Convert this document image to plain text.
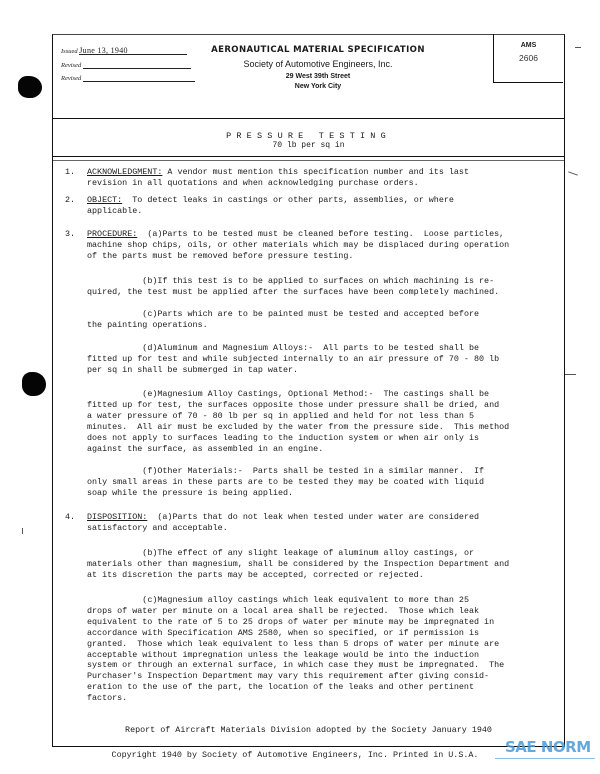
Issued June 13, 1940
Revised
Revised
AERONAUTICAL MATERIAL SPECIFICATION
Society of Automotive Engineers, Inc.
29 West 39th Street
New York City
AMS
2606
PRESSURE TESTING
70 lb per sq in
1. ACKNOWLEDGMENT: A vendor must mention this specification number and its last
revision in all quotations and when acknowledging purchase orders.
2. OBJECT: To detect leaks in castings or other parts, assemblies, or where
applicable.
3. PROCEDURE: (a)Parts to be tested must be cleaned before testing.  Loose particles,
machine shop chips, oils, or other materials which may be displaced during operation
of the parts must be removed before pressure testing.
(b)If this test is to be applied to surfaces on which machining is re-
quired, the test must be applied after the surfaces have been completely machined.
(c)Parts which are to be painted must be tested and accepted before
the painting operations.
(d)Aluminum and Magnesium Alloys:-  All parts to be tested shall be
fitted up for test and while subjected internally to an air pressure of 70 - 80 lb
per sq in shall be submerged in tap water.
(e)Magnesium Alloy Castings, Optional Method:-  The castings shall be
fitted up for test, the surfaces opposite those under pressure shall be dried, and
a water pressure of 70 - 80 lb per sq in applied and held for not less than 5
minutes.  All air must be excluded by the water from the pressure side.  This method
does not apply to surfaces leading to the induction system or when air only is
against the surface, as assembled in an engine.
(f)Other Materials:-  Parts shall be tested in a similar manner.  If
only small areas in these parts are to be tested they may be coated with liquid
soap while the pressure is being applied.
4. DISPOSITION: (a)Parts that do not leak when tested under water are considered
satisfactory and acceptable.
(b)The effect of any slight leakage of aluminum alloy castings, or
materials other than magnesium, shall be considered by the Inspection Department and
at its discretion the parts may be accepted, corrected or rejected.
(c)Magnesium alloy castings which leak equivalent to more than 25
drops of water per minute on a local area shall be rejected.  Those which leak
equivalent to the rate of 5 to 25 drops of water per minute may be impregnated in
accordance with Specification AMS 2580, when so specified, or if permission is
granted.  Those which leak equivalent to less than 5 drops of water per minute are
acceptable without impregnation unless the leakage would be into the induction
system or through an external surface, in which case they must be impregnated.  The
Purchaser's Inspection Department may vary this requirement after giving consid-
eration to the use of the part, the location of the leaks and other pertinent
factors.
Report of Aircraft Materials Division adopted by the Society January 1940
Copyright 1940 by Society of Automotive Engineers, Inc. Printed in U.S.A.	SAE NORM
